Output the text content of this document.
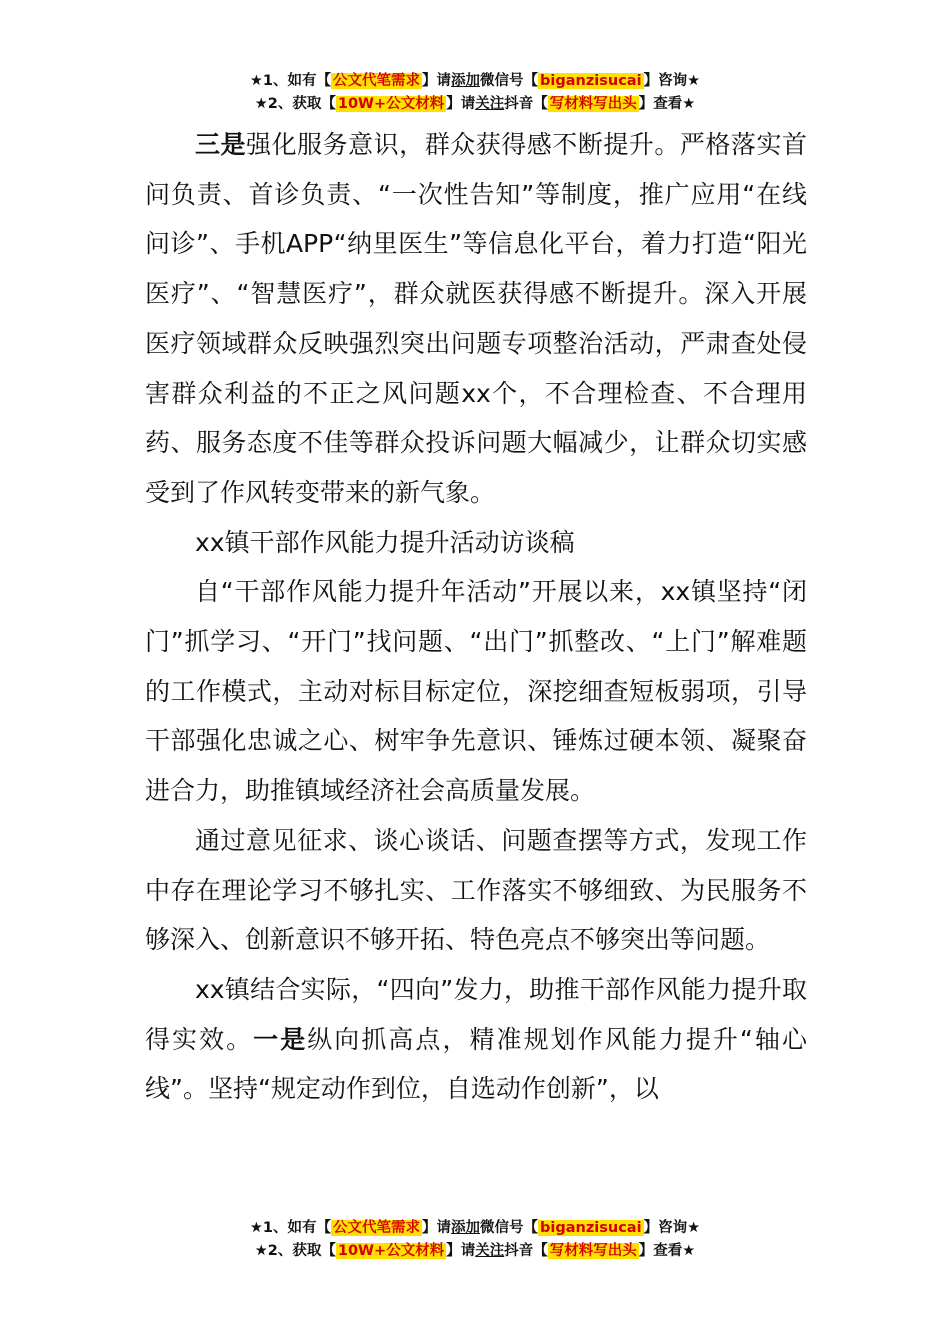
★1、如有【 公文代笔需求 】请添加微信号【 biganzisucai 】咨询★
★2、获取【 10W+公文材料 】请关注抖音【 写材料写出头 】查看★

三是强化服务意识，群众获得感不断提升。严格落实首问负责、首诊负责、“一次性告知”等制度，推广应用“在线问诊”、手机APP“纳里医生”等信息化平台，着力打造“阳光医疗”、“智慧医疗”，群众就医获得感不断提升。深入开展医疗领域群众反映强烈突出问题专项整治活动，严肃查处侵害群众利益的不正之风问题xx个，不合理检查、不合理用药、服务态度不佳等群众投诉问题大幅减少，让群众切实感受到了作风转变带来的新气象。

xx镇干部作风能力提升活动访谈稿

自“干部作风能力提升年活动”开展以来，xx镇坚持“闭门”抓学习、“开门”找问题、“出门”抓整改、“上门”解难题的工作模式，主动对标目标定位，深挖细查短板弱项，引导干部强化忠诚之心、树牢争先意识、锤炼过硬本领、凝聚奋进合力，助推镇域经济社会高质量发展。

通过意见征求、谈心谈话、问题查摆等方式，发现工作中存在理论学习不够扎实、工作落实不够细致、为民服务不够深入、创新意识不够开拓、特色亮点不够突出等问题。

xx镇结合实际，“四向”发力，助推干部作风能力提升取得实效。一是纵向抓高点，精准规划作风能力提升“轴心线”。坚持“规定动作到位，自选动作创新”，以

★1、如有【 公文代笔需求 】请添加微信号【 biganzisucai 】咨询★
★2、获取【 10W+公文材料 】请关注抖音【 写材料写出头 】查看★
